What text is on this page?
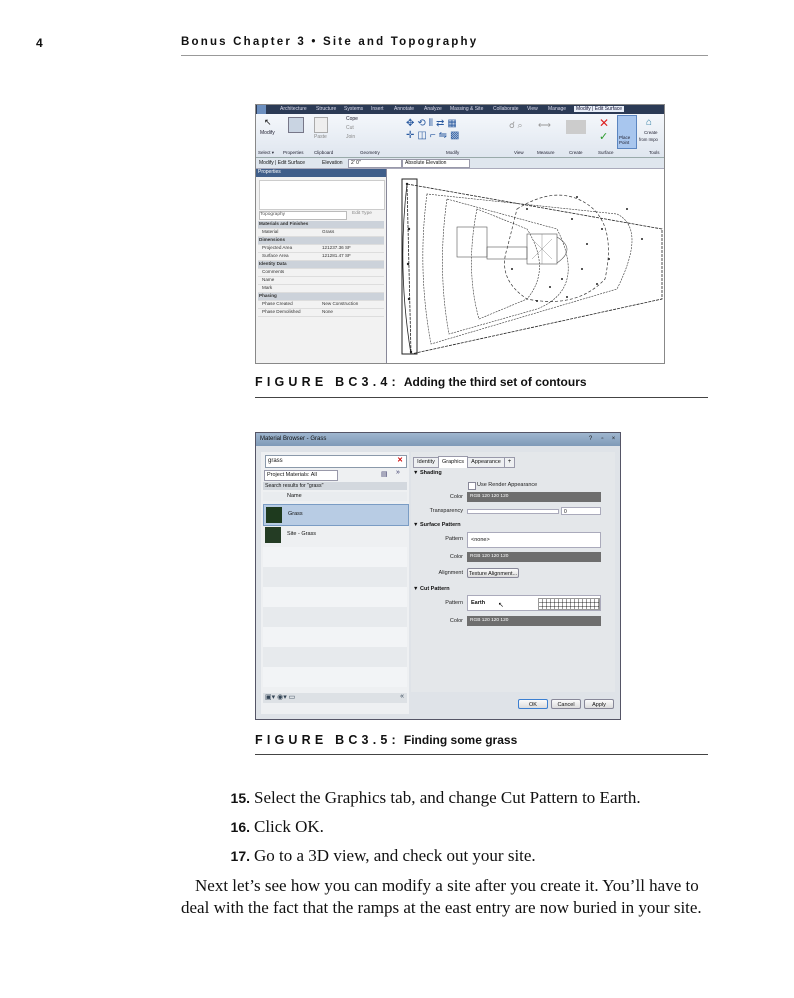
4	Bonus Chapter 3 • Site and Topography
Architecture Structure Systems Insert Annotate Analyze Massing & Site Collaborate View Manage	Modify | Edit Surface
↖
Modify
Paste
Cope
Cut
Join
✥⟲⫴⇄▦
✛◫⌐⇋▩
☌ ⌕ ⟷	✕
✓ Place Point
⌂
Create
from Impo
Select ▾ Properties Clipboard	Geometry	Modify	View	Measure	Create	Surface	Tools
Modify | Edit Surface	Elevation	2' 0"	Absolute Elevation
Properties
Topography	Edit Type
Materials and Finishes
Material	Grass
Dimensions
Projected Area	121237.36 SF
Surface Area	121281.47 SF
Identity Data
Comments
Name
Mark
Phasing
Phase Created	New Construction
Phase Demolished	None
FIGURE BC3.4: Adding the third set of contours
Material Browser - Grass	?	▫	×
grass	✕
Project Materials: All	▤ »
Search results for "grass"
Name
Grass
Site - Grass
▣▾ ◉▾ ▭	«
Identity	Graphics	Appearance	+
▼ Shading
Use Render Appearance
Color	RGB 120 120 120
Transparency	0
▼ Surface Pattern
Pattern	<none>
Color	RGB 120 120 120
Alignment	Texture Alignment...
▼ Cut Pattern
Pattern	Earth ↖
Color	RGB 120 120 120
OK	Cancel	Apply
FIGURE BC3.5: Finding some grass
15. Select the Graphics tab, and change Cut Pattern to Earth.
16. Click OK.
17. Go to a 3D view, and check out your site.
Next let’s see how you can modify a site after you create it. You’ll have to deal with the fact that the ramps at the east entry are now buried in your site.
